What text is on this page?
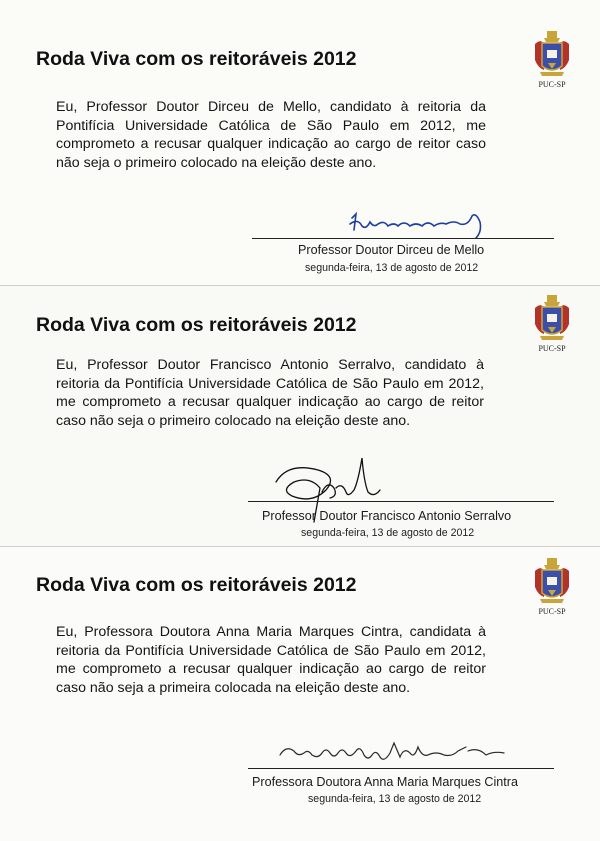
Roda Viva com os reitoráveis 2012
PUC-SP
Eu, Professor Doutor Dirceu de Mello, candidato à reitoria da Pontifícia Universidade Católica de São Paulo em 2012, me comprometo a recusar qualquer indicação ao cargo de reitor caso não seja o primeiro colocado na eleição deste ano.
Professor Doutor Dirceu de Mello
segunda-feira, 13 de agosto de 2012
Roda Viva com os reitoráveis 2012
PUC-SP
Eu, Professor Doutor Francisco Antonio Serralvo, candidato à reitoria da Pontifícia Universidade Católica de São Paulo em 2012, me comprometo a recusar qualquer indicação ao cargo de reitor caso não seja o primeiro colocado na eleição deste ano.
Professor Doutor Francisco Antonio Serralvo
segunda-feira, 13 de agosto de 2012
Roda Viva com os reitoráveis 2012
PUC-SP
Eu, Professora Doutora Anna Maria Marques Cintra, candidata à reitoria da Pontifícia Universidade Católica de São Paulo em 2012, me comprometo a recusar qualquer indicação ao cargo de reitor caso não seja a primeira colocada na eleição deste ano.
Professora Doutora Anna Maria Marques Cintra
segunda-feira, 13 de agosto de 2012
